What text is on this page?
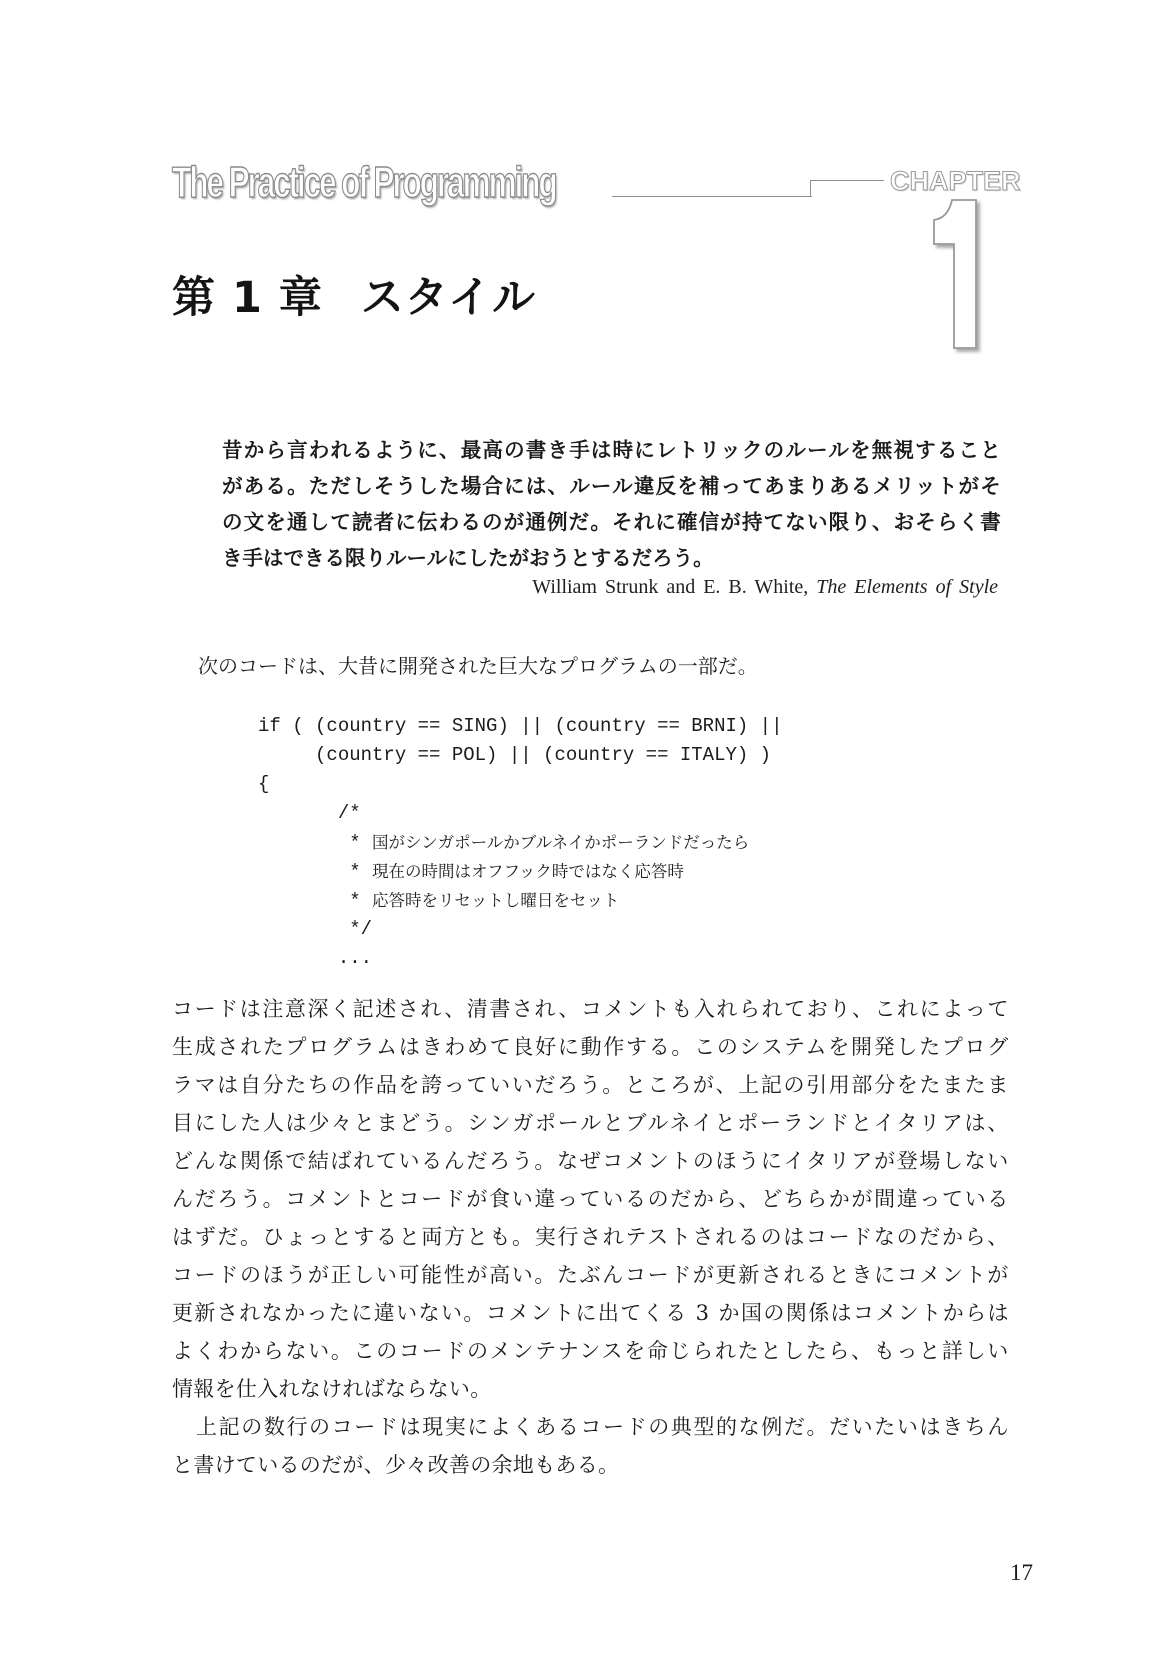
The Practice of Programming	CHAPTER
第 1 章 スタイル
昔から言われるように、最高の書き手は時にレトリックのルールを無視すること
がある。ただしそうした場合には、ルール違反を補ってあまりあるメリットがそ
の文を通して読者に伝わるのが通例だ。それに確信が持てない限り、おそらく書
き手はできる限りルールにしたがおうとするだろう。
William Strunk and E. B. White, The Elements of Style
次のコードは、大昔に開発された巨大なプログラムの一部だ。
if ( (country == SING) || (country == BRNI) ||
(country == POL) || (country == ITALY) )
{
/*
* 国がシンガポールかブルネイかポーランドだったら
* 現在の時間はオフフック時ではなく応答時
* 応答時をリセットし曜日をセット
*/
...
コードは注意深く記述され、清書され、コメントも入れられており、これによって
生成されたプログラムはきわめて良好に動作する。このシステムを開発したプログ
ラマは自分たちの作品を誇っていいだろう。ところが、上記の引用部分をたまたま
目にした人は少々とまどう。シンガポールとブルネイとポーランドとイタリアは、
どんな関係で結ばれているんだろう。なぜコメントのほうにイタリアが登場しない
んだろう。コメントとコードが食い違っているのだから、どちらかが間違っている
はずだ。ひょっとすると両方とも。実行されテストされるのはコードなのだから、
コードのほうが正しい可能性が高い。たぶんコードが更新されるときにコメントが
更新されなかったに違いない。コメントに出てくる 3 か国の関係はコメントからは
よくわからない。このコードのメンテナンスを命じられたとしたら、もっと詳しい
情報を仕入れなければならない。
上記の数行のコードは現実によくあるコードの典型的な例だ。だいたいはきちん
と書けているのだが、少々改善の余地もある。
17
